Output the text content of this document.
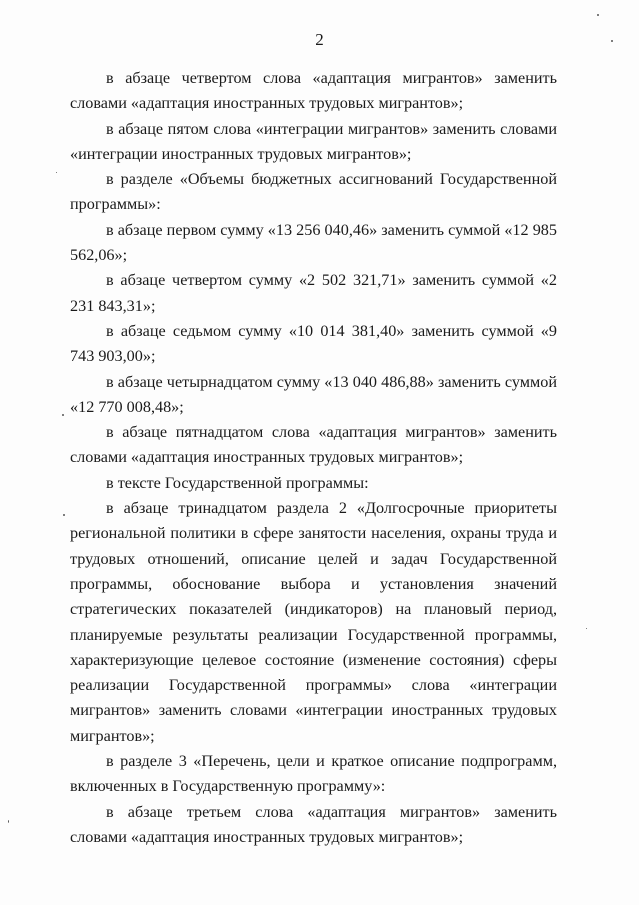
2

в абзаце четвертом слова «адаптация мигрантов» заменить словами «адаптация иностранных трудовых мигрантов»;

в абзаце пятом слова «интеграции мигрантов» заменить словами «интеграции иностранных трудовых мигрантов»;

в разделе «Объемы бюджетных ассигнований Государственной программы»:

в абзаце первом сумму «13 256 040,46» заменить суммой «12 985 562,06»;

в абзаце четвертом сумму «2 502 321,71» заменить суммой «2 231 843,31»;

в абзаце седьмом сумму «10 014 381,40» заменить суммой «9 743 903,00»;

в абзаце четырнадцатом сумму «13 040 486,88» заменить суммой «12 770 008,48»;

в абзаце пятнадцатом слова «адаптация мигрантов» заменить словами «адаптация иностранных трудовых мигрантов»;

в тексте Государственной программы:

в абзаце тринадцатом раздела 2 «Долгосрочные приоритеты региональной политики в сфере занятости населения, охраны труда и трудовых отношений, описание целей и задач Государственной программы, обоснование выбора и установления значений стратегических показателей (индикаторов) на плановый период, планируемые результаты реализации Государственной программы, характеризующие целевое состояние (изменение состояния) сферы реализации Государственной программы» слова «интеграции мигрантов» заменить словами «интеграции иностранных трудовых мигрантов»;

в разделе 3 «Перечень, цели и краткое описание подпрограмм, включенных в Государственную программу»:

в абзаце третьем слова «адаптация мигрантов» заменить словами «адаптация иностранных трудовых мигрантов»;
